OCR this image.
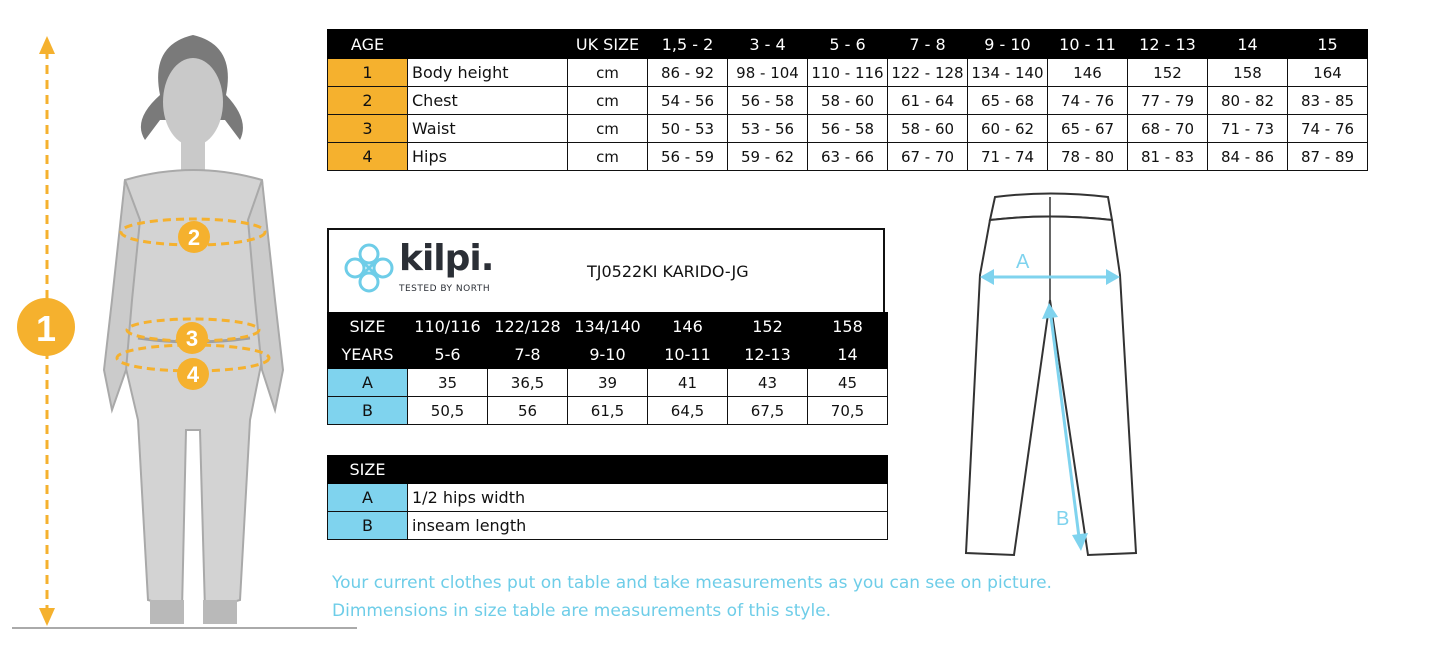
1
2
3
4
AGE		UK SIZE	1,5 - 2	3 - 4	5 - 6	7 - 8	9 - 10	10 - 11	12 - 13	14	15
1	Body height	cm	86 - 92	98 - 104	110 - 116	122 - 128	134 - 140	146	152	158	164
2	Chest	cm	54 - 56	56 - 58	58 - 60	61 - 64	65 - 68	74 - 76	77 - 79	80 - 82	83 - 85
3	Waist	cm	50 - 53	53 - 56	56 - 58	58 - 60	60 - 62	65 - 67	68 - 70	71 - 73	74 - 76
4	Hips	cm	56 - 59	59 - 62	63 - 66	67 - 70	71 - 74	78 - 80	81 - 83	84 - 86	87 - 89
kilpi.
TESTED BY NORTH
TJ0522KI KARIDO-JG
SIZE	110/116	122/128	134/140	146	152	158
YEARS	5-6	7-8	9-10	10-11	12-13	14
A	35	36,5	39	41	43	45
B	50,5	56	61,5	64,5	67,5	70,5
SIZE	
A	1/2 hips width
B	inseam length
A
B
Your current clothes put on table and take measurements as you can see on picture.
Dimmensions in size table are measurements of this style.
